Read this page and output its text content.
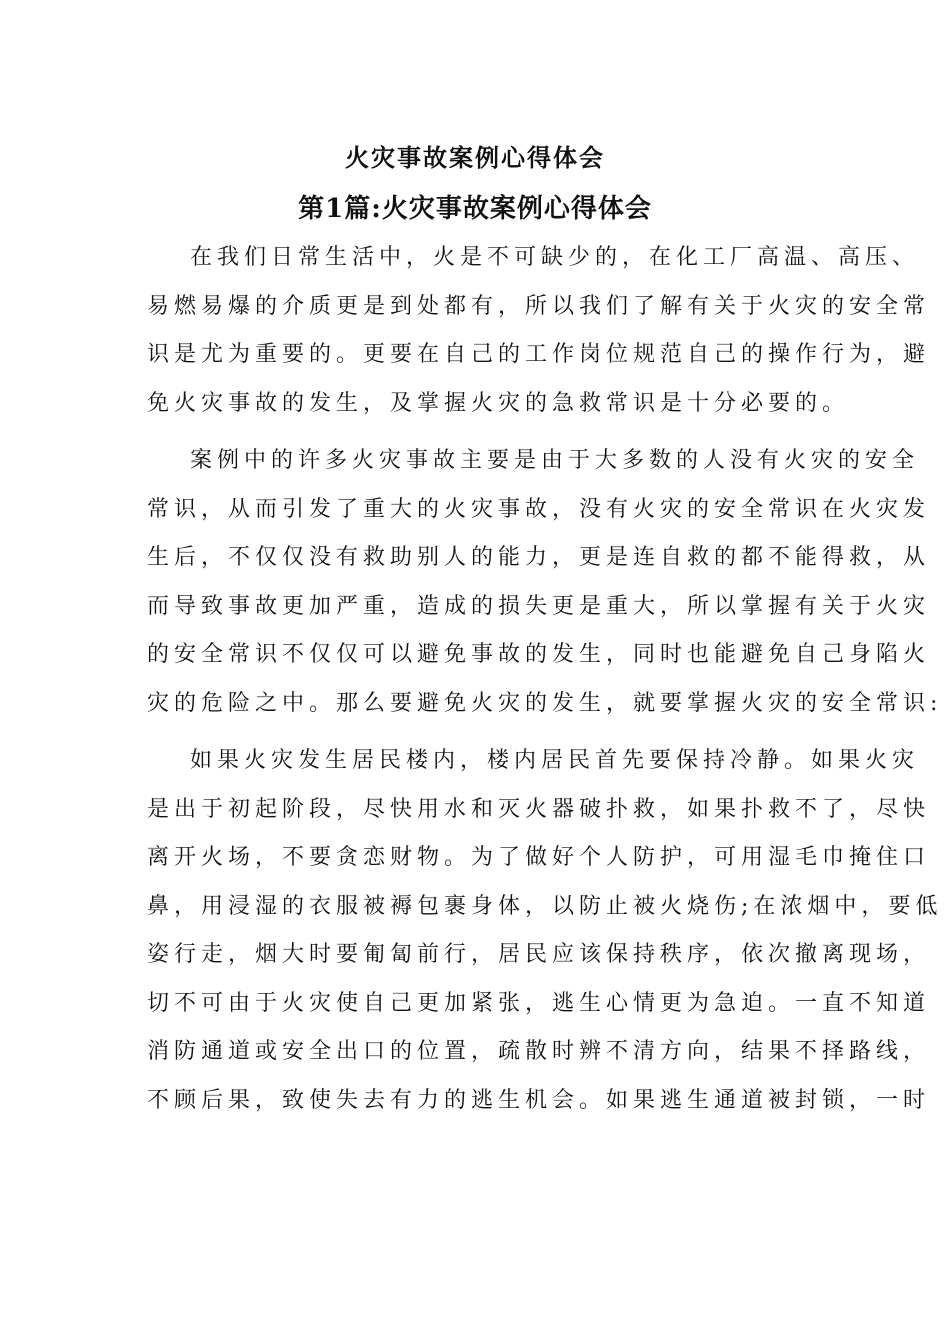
火灾事故案例心得体会
第1篇:火灾事故案例心得体会
在我们日常生活中，火是不可缺少的，在化工厂高温、高压、
易燃易爆的介质更是到处都有，所以我们了解有关于火灾的安全常
识是尤为重要的。更要在自己的工作岗位规范自己的操作行为，避
免火灾事故的发生，及掌握火灾的急救常识是十分必要的。
案例中的许多火灾事故主要是由于大多数的人没有火灾的安全
常识，从而引发了重大的火灾事故，没有火灾的安全常识在火灾发
生后，不仅仅没有救助别人的能力，更是连自救的都不能得救，从
而导致事故更加严重，造成的损失更是重大，所以掌握有关于火灾
的安全常识不仅仅可以避免事故的发生，同时也能避免自己身陷火
灾的危险之中。那么要避免火灾的发生，就要掌握火灾的安全常识:
如果火灾发生居民楼内，楼内居民首先要保持冷静。如果火灾
是出于初起阶段，尽快用水和灭火器破扑救，如果扑救不了，尽快
离开火场，不要贪恋财物。为了做好个人防护，可用湿毛巾掩住口
鼻，用浸湿的衣服被褥包裹身体，以防止被火烧伤;在浓烟中，要低
姿行走，烟大时要匍匐前行，居民应该保持秩序，依次撤离现场，
切不可由于火灾使自己更加紧张，逃生心情更为急迫。一直不知道
消防通道或安全出口的位置，疏散时辨不清方向，结果不择路线，
不顾后果，致使失去有力的逃生机会。如果逃生通道被封锁，一时
